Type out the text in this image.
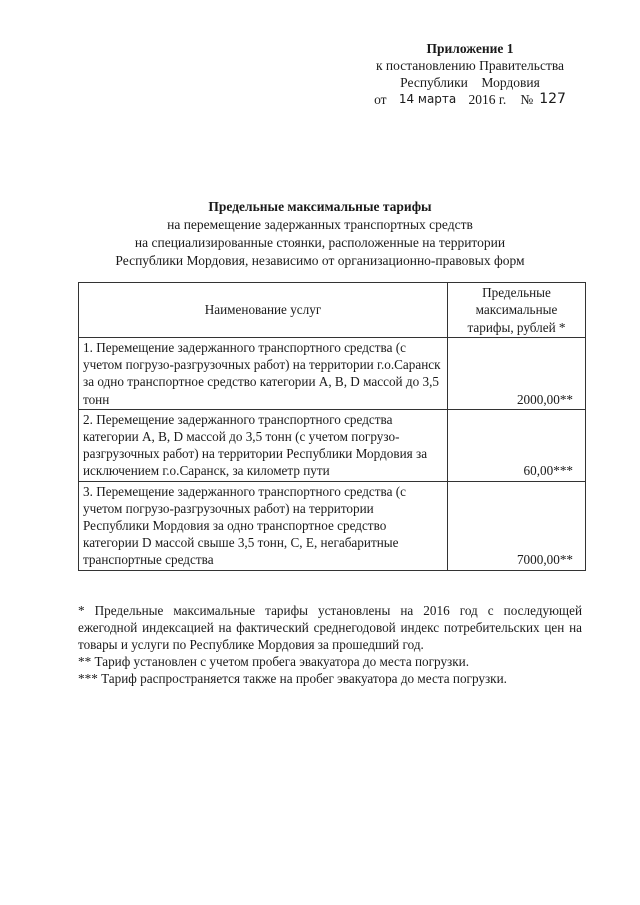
Приложение 1
к постановлению Правительства
Республики    Мордовия
от	14 марта 2016 г. № 127
Предельные максимальные тарифы
на перемещение задержанных транспортных средств
на специализированные стоянки, расположенные на территории
Республики Мордовия, независимо от организационно-правовых форм
Наименование услуг	Предельные максимальные тарифы, рублей *
1. Перемещение задержанного транспортного средства (с учетом погрузо-разгрузочных работ) на территории г.о.Саранск за одно транспортное средство категории А, В, D массой до 3,5 тонн	2000,00**
2. Перемещение задержанного транспортного средства категории А, В, D массой до 3,5 тонн (с учетом погрузо-разгрузочных работ) на территории Республики Мордовия за исключением г.о.Саранск, за километр пути	60,00***
3. Перемещение задержанного транспортного средства (с учетом погрузо-разгрузочных работ) на территории Республики Мордовия за одно транспортное средство категории D массой свыше 3,5 тонн, С, Е, негабаритные транспортные средства	7000,00**

* Предельные максимальные тарифы установлены на 2016 год с последующей ежегодной индексацией на фактический среднегодовой индекс потребительских цен на товары и услуги по Республике Мордовия за прошедший год.

** Тариф установлен с учетом пробега эвакуатора до места погрузки.

*** Тариф распространяется также на пробег эвакуатора до места погрузки.
